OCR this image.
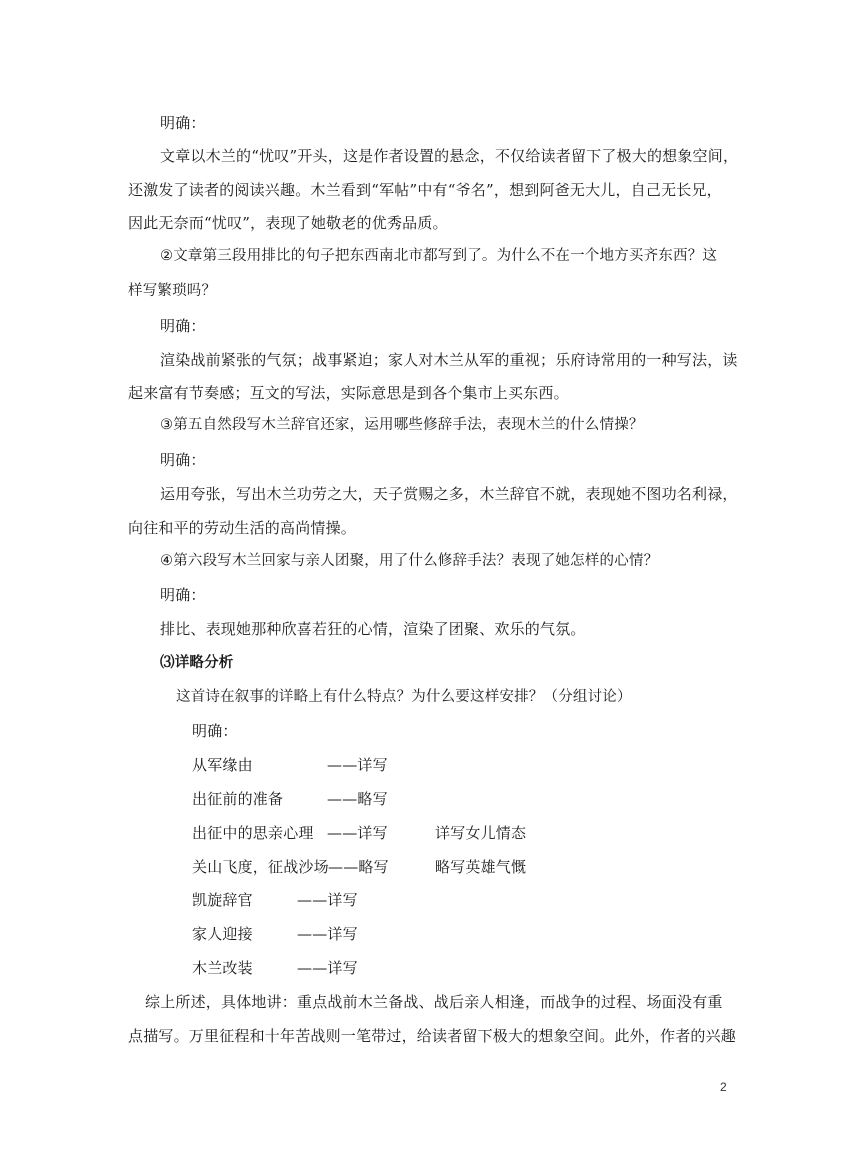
明确：
文章以木兰的“忧叹”开头，这是作者设置的悬念，不仅给读者留下了极大的想象空间，
还激发了读者的阅读兴趣。木兰看到“军帖”中有“爷名”，想到阿爸无大儿，自己无长兄，
因此无奈而“忧叹”，表现了她敬老的优秀品质。
②文章第三段用排比的句子把东西南北市都写到了。为什么不在一个地方买齐东西？这
样写繁琐吗？
明确：
渲染战前紧张的气氛；战事紧迫；家人对木兰从军的重视；乐府诗常用的一种写法，读
起来富有节奏感；互文的写法，实际意思是到各个集市上买东西。
③第五自然段写木兰辞官还家，运用哪些修辞手法，表现木兰的什么情操？
明确：
运用夸张，写出木兰功劳之大，天子赏赐之多，木兰辞官不就，表现她不图功名利禄，
向往和平的劳动生活的高尚情操。
④第六段写木兰回家与亲人团聚，用了什么修辞手法？表现了她怎样的心情？
明确：
排比、表现她那种欣喜若狂的心情，渲染了团聚、欢乐的气氛。
⑶详略分析
这首诗在叙事的详略上有什么特点？为什么要这样安排？（分组讨论）
明确：
从军缘由	——详写
出征前的准备	——略写
出征中的思亲心理 ——详写	详写女儿情态
关山飞度，征战沙场 ——略写	略写英雄气慨
凯旋辞官	——详写
家人迎接	——详写
木兰改装	——详写
综上所述，具体地讲：重点战前木兰备战、战后亲人相逢，而战争的过程、场面没有重
点描写。万里征程和十年苦战则一笔带过，给读者留下极大的想象空间。此外，作者的兴趣
2
